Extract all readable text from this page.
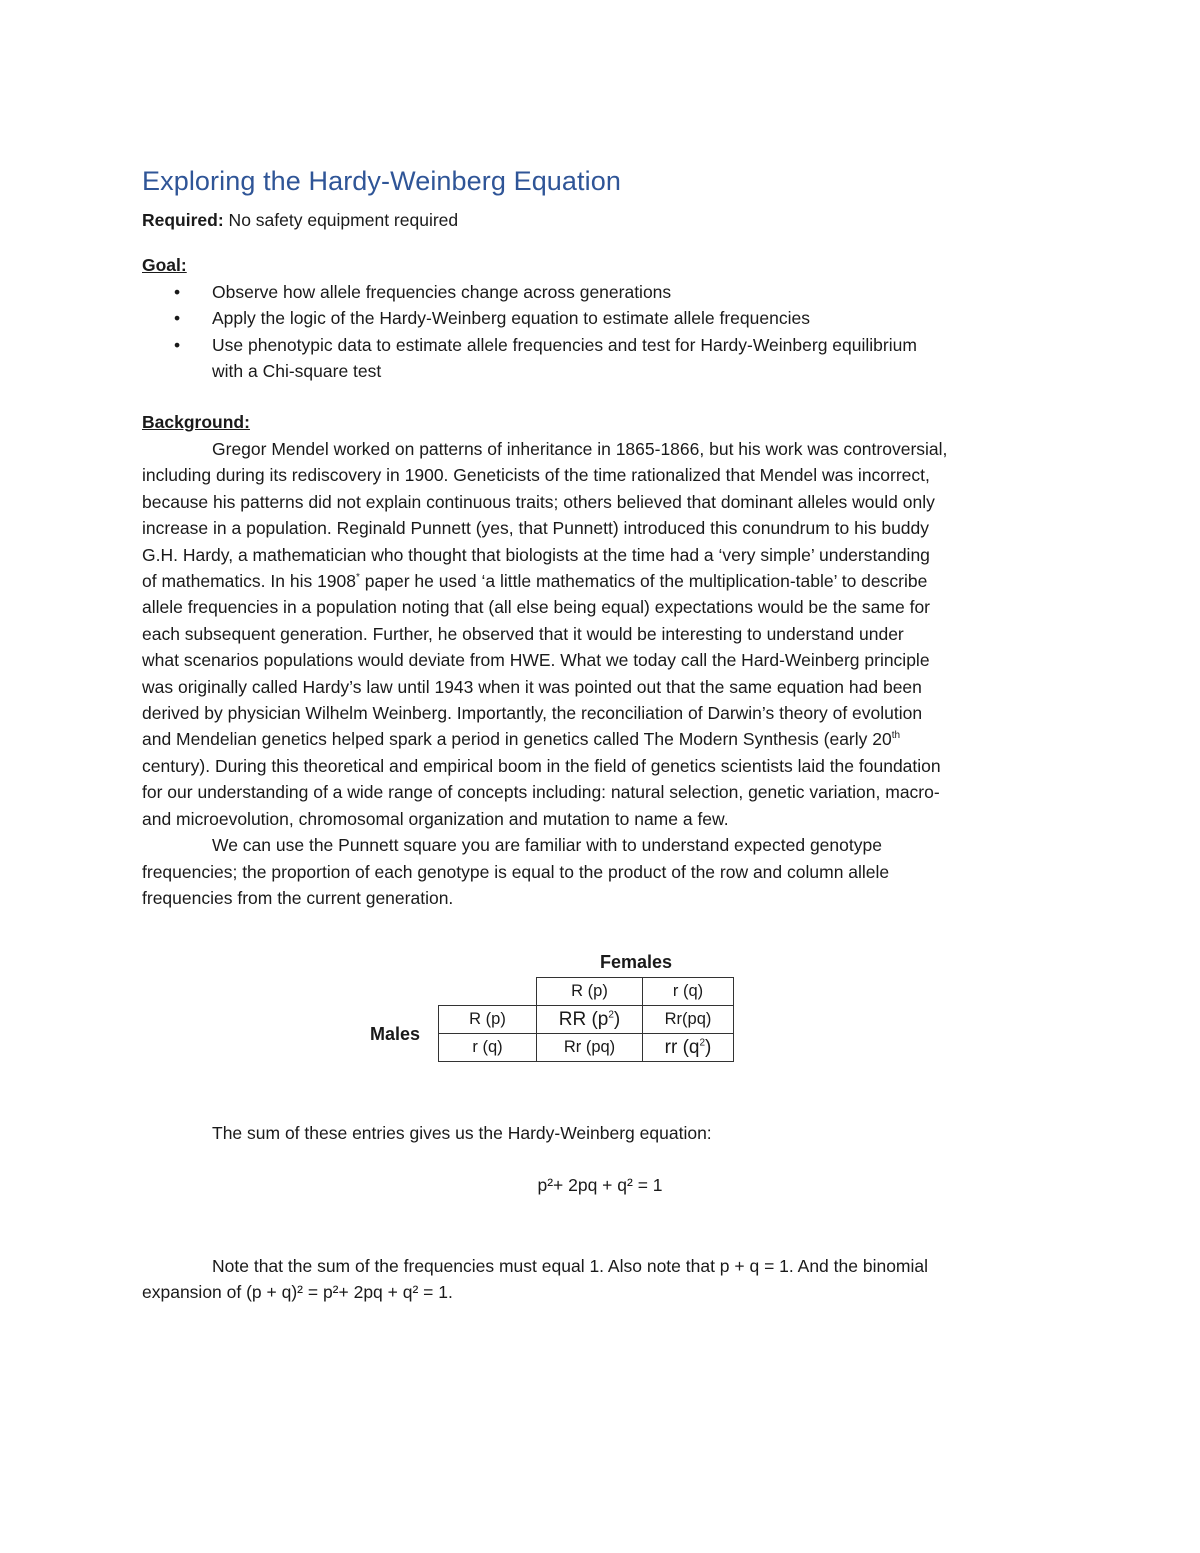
Exploring the Hardy-Weinberg Equation

Required: No safety equipment required

Goal:

• Observe how allele frequencies change across generations
• Apply the logic of the Hardy-Weinberg equation to estimate allele frequencies
• Use phenotypic data to estimate allele frequencies and test for Hardy-Weinberg equilibrium
with a Chi-square test

Background:

Gregor Mendel worked on patterns of inheritance in 1865-1866, but his work was controversial,
including during its rediscovery in 1900. Geneticists of the time rationalized that Mendel was incorrect,
because his patterns did not explain continuous traits; others believed that dominant alleles would only
increase in a population. Reginald Punnett (yes, that Punnett) introduced this conundrum to his buddy
G.H. Hardy, a mathematician who thought that biologists at the time had a ‘very simple’ understanding
of mathematics. In his 1908* paper he used ‘a little mathematics of the multiplication-table’ to describe
allele frequencies in a population noting that (all else being equal) expectations would be the same for
each subsequent generation. Further, he observed that it would be interesting to understand under
what scenarios populations would deviate from HWE. What we today call the Hard-Weinberg principle
was originally called Hardy’s law until 1943 when it was pointed out that the same equation had been
derived by physician Wilhelm Weinberg. Importantly, the reconciliation of Darwin’s theory of evolution
and Mendelian genetics helped spark a period in genetics called The Modern Synthesis (early 20th
century). During this theoretical and empirical boom in the field of genetics scientists laid the foundation
for our understanding of a wide range of concepts including: natural selection, genetic variation, macro-
and microevolution, chromosomal organization and mutation to name a few.
We can use the Punnett square you are familiar with to understand expected genotype
frequencies; the proportion of each genotype is equal to the product of the row and column allele
frequencies from the current generation.
Females
Males
	R (p)	r (q)
R (p)	RR $(p^2)$	Rr(pq)
r (q)	Rr (pq)	rr $(q^2)$

The sum of these entries gives us the Hardy-Weinberg equation:

p²+ 2pq + q² = 1

Note that the sum of the frequencies must equal 1. Also note that p + q = 1. And the binomial

expansion of (p + q)² = p²+ 2pq + q² = 1.
